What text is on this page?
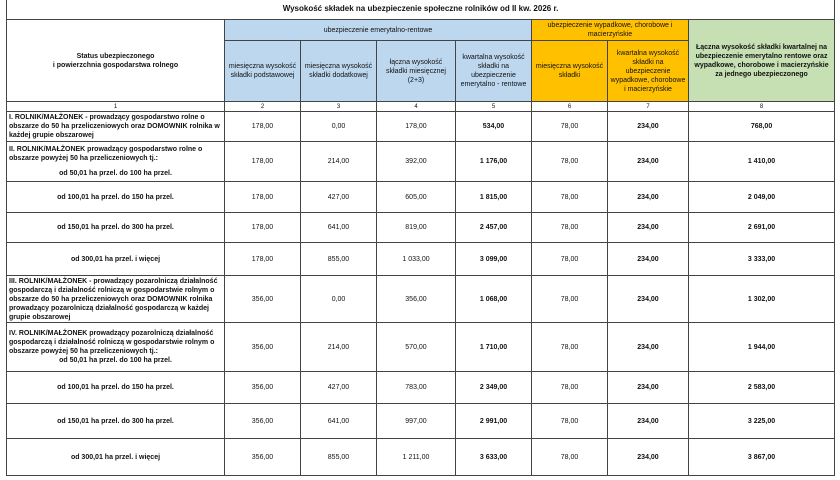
Wysokość składek na ubezpieczenie społeczne rolników od II kw. 2026 r.							
Status ubezpieczonego
i powierzchnia gospodarstwa rolnego	ubezpieczenie emerytalno-rentowe				ubezpieczenie wypadkowe, chorobowe i macierzyńskie		Łączna wysokość składki kwartalnej na ubezpieczenie emerytalno rentowe oraz wypadkowe, chorobowe i macierzyńskie za jednego ubezpieczonego
	miesięczna wysokość składki podstawowej	miesięczna wysokość składki dodatkowej	łączna wysokość składki miesięcznej (2+3)	kwartalna wysokość składki na ubezpieczenie emerytalno - rentowe	miesięczna wysokość składki	kwartalna wysokość składki na ubezpieczenie wypadkowe, chorobowe i macierzyńskie	
1	2	3	4	5	6	7	8
I. ROLNIK/MAŁŻONEK - prowadzący gospodarstwo rolne o obszarze do 50 ha przeliczeniowych oraz DOMOWNIK rolnika w każdej grupie obszarowej	178,00	0,00	178,00	534,00	78,00	234,00	768,00

II. ROLNIK/MAŁŻONEK prowadzący gospodarstwo rolne o obszarze powyżej 50 ha przeliczeniowych tj.:
od 50,01 ha przel. do 100 ha przel.	178,00	214,00	392,00	1 176,00	78,00	234,00	1 410,00
od 100,01 ha przel. do 150 ha przel.	178,00	427,00	605,00	1 815,00	78,00	234,00	2 049,00
od 150,01 ha przel. do 300 ha przel.	178,00	641,00	819,00	2 457,00	78,00	234,00	2 691,00
od 300,01 ha przel. i więcej	178,00	855,00	1 033,00	3 099,00	78,00	234,00	3 333,00
III. ROLNIK/MAŁŻONEK - prowadzący pozarolniczą działalność gospodarczą i działalność rolniczą w gospodarstwie rolnym o obszarze do 50 ha przeliczeniowych oraz DOMOWNIK rolnika prowadzący pozarolniczą działalność gospodarczą w każdej grupie obszarowej	356,00	0,00	356,00	1 068,00	78,00	234,00	1 302,00

IV. ROLNIK/MAŁŻONEK prowadzący pozarolniczą działalność gospodarczą i działalność rolniczą w gospodarstwie rolnym o obszarze powyżej 50 ha przeliczeniowych tj.:
od 50,01 ha przel. do 100 ha przel.	356,00	214,00	570,00	1 710,00	78,00	234,00	1 944,00
od 100,01 ha przel. do 150 ha przel.	356,00	427,00	783,00	2 349,00	78,00	234,00	2 583,00
od 150,01 ha przel. do 300 ha przel.	356,00	641,00	997,00	2 991,00	78,00	234,00	3 225,00
od 300,01 ha przel. i więcej	356,00	855,00	1 211,00	3 633,00	78,00	234,00	3 867,00
